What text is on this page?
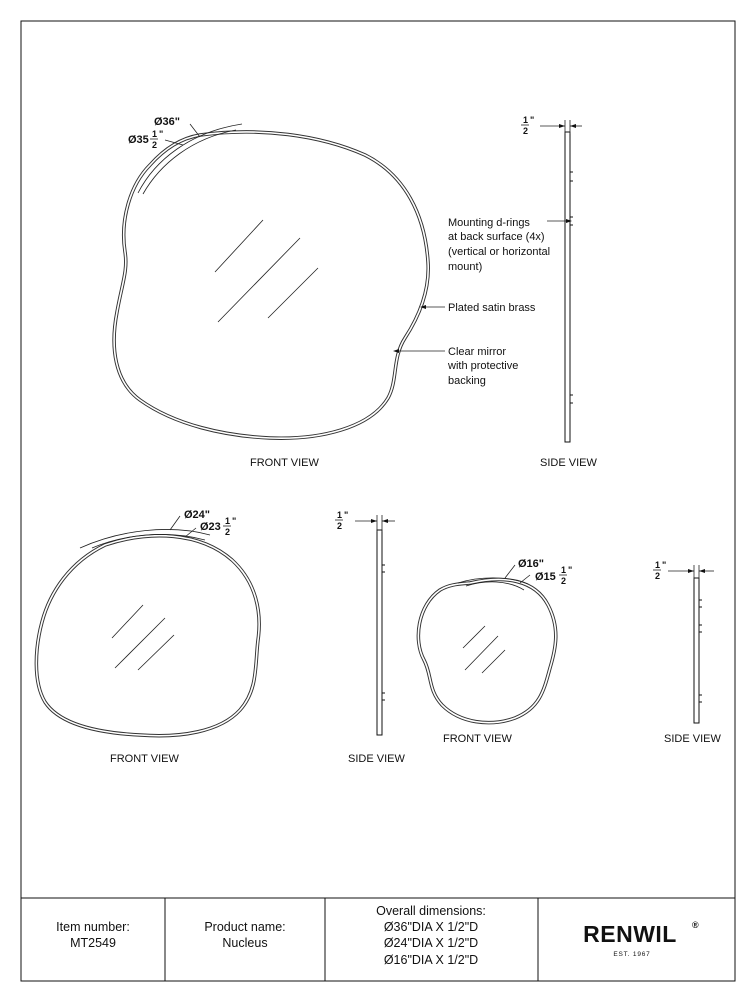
Ø36"
Ø35 1
2
"
FRONT VIEW
1
2
"
SIDE VIEW
Mounting d-rings
at back surface (4x)
(vertical or horizontal
mount)
Plated satin brass
Clear mirror
with protective
backing
Ø24"
Ø23 1
2
"
FRONT VIEW
1
2
"
SIDE VIEW
Ø16"
Ø15
1
2
"
FRONT VIEW
1
2
"
SIDE VIEW
Item number:
MT2549
Product name:
Nucleus
Overall dimensions:
Ø36"DIA X 1/2"D
Ø24"DIA X 1/2"D
Ø16"DIA X 1/2"D
RENWIL ®
EST. 1967
